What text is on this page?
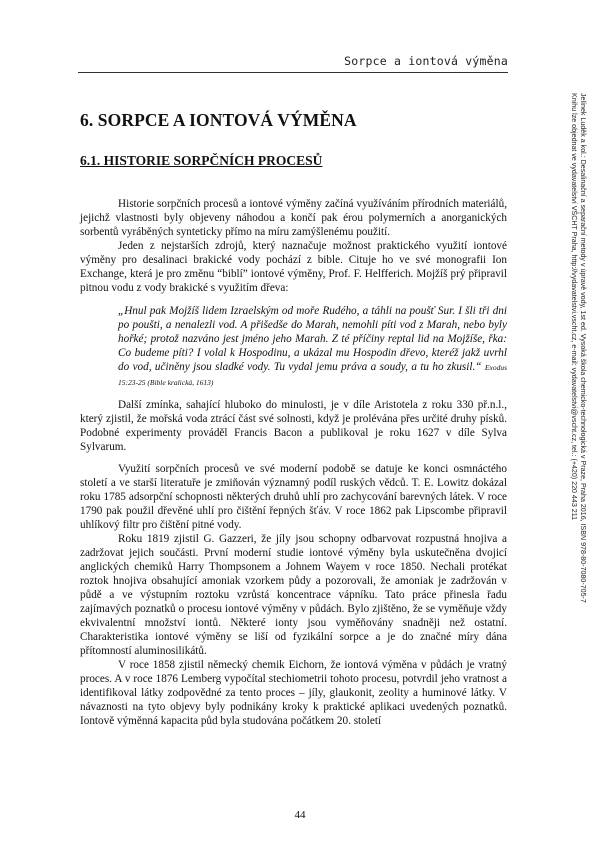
Sorpce a iontová výměna
Jelínek Luděk a kol.: Desalinační a separační metody v úpravě vody, 1st ed. Vysoká škola chemicko-technologická v Praze, Praha 2016, ISBN 978-80-7080-705-7
Knihu lze objednat ve vydavatelství VŠCHT Praha, http://vydavatelstvi.vscht.cz, e-mail: vydavatelstvi@vscht.cz, tel.: (+420) 220 443 211
6. SORPCE A IONTOVÁ VÝMĚNA
6.1. HISTORIE SORPČNÍCH PROCESŮ

Historie sorpčních procesů a iontové výměny začíná využíváním přírodních materiálů, jejichž vlastnosti byly objeveny náhodou a končí pak érou polymerních a anorganických sorbentů vyráběných synteticky přímo na míru zamýšlenému použití.

Jeden z nejstarších zdrojů, který naznačuje možnost praktického využití iontové výměny pro desalinaci brakické vody pochází z bible. Cituje ho ve své monografii Ion Exchange, která je pro změnu “biblí” iontové výměny, Prof. F. Helfferich. Mojžíš prý připravil pitnou vodu z vody brakické s využitím dřeva:

„Hnul pak Mojžíš lidem Izraelským od moře Rudého, a táhli na poušť Sur. I šli tři dni po poušti, a nenalezli vod. A přišedše do Marah, nemohli píti vod z Marah, nebo byly hořké; protož nazváno jest jméno jeho Marah. Z té příčiny reptal lid na Mojžíše, řka: Co budeme píti? I volal k Hospodinu, a ukázal mu Hospodin dřevo, kteréž jakž uvrhl do vod, učiněny jsou sladké vody. Tu vydal jemu práva a soudy, a tu ho zkusil.“ Exodus 15:23-25 (Bible kralická, 1613)

Další zmínka, sahající hluboko do minulosti, je v díle Aristotela z roku 330 př.n.l., který zjistil, že mořská voda ztrácí část své solnosti, když je prolévána přes určité druhy písků. Podobné experimenty prováděl Francis Bacon a publikoval je roku 1627 v díle Sylva Sylvarum.

Využití sorpčních procesů ve své moderní podobě se datuje ke konci osmnáctého století a ve starší literatuře je zmiňován významný podíl ruských vědců. T. E. Lowitz dokázal roku 1785 adsorpční schopnosti některých druhů uhlí pro zachycování barevných látek. V roce 1790 pak použil dřevěné uhlí pro čištění řepných šťáv. V roce 1862 pak Lipscombe připravil uhlíkový filtr pro čištění pitné vody.

Roku 1819 zjistil G. Gazzeri, že jíly jsou schopny odbarvovat rozpustná hnojiva a zadržovat jejich součásti. První moderní studie iontové výměny byla uskutečněna dvojicí anglických chemiků Harry Thompsonem a Johnem Wayem v roce 1850. Nechali protékat roztok hnojiva obsahující amoniak vzorkem půdy a pozorovali, že amoniak je zadržován v půdě a ve výstupním roztoku vzrůstá koncentrace vápníku. Tato práce přinesla řadu zajímavých poznatků o procesu iontové výměny v půdách. Bylo zjištěno, že se vyměňuje vždy ekvivalentní množství iontů. Některé ionty jsou vyměňovány snadněji než ostatní. Charakteristika iontové výměny se liší od fyzikální sorpce a je do značné míry dána přítomností aluminosilikátů.

V roce 1858 zjistil německý chemik Eichorn, že iontová výměna v půdách je vratný proces. A v roce 1876 Lemberg vypočítal stechiometrii tohoto procesu, potvrdil jeho vratnost a identifikoval látky zodpovědné za tento proces – jíly, glaukonit, zeolity a huminové látky. V návaznosti na tyto objevy byly podnikány kroky k praktické aplikaci uvedených poznatků. Iontově výměnná kapacita půd byla studována počátkem 20. století

44
